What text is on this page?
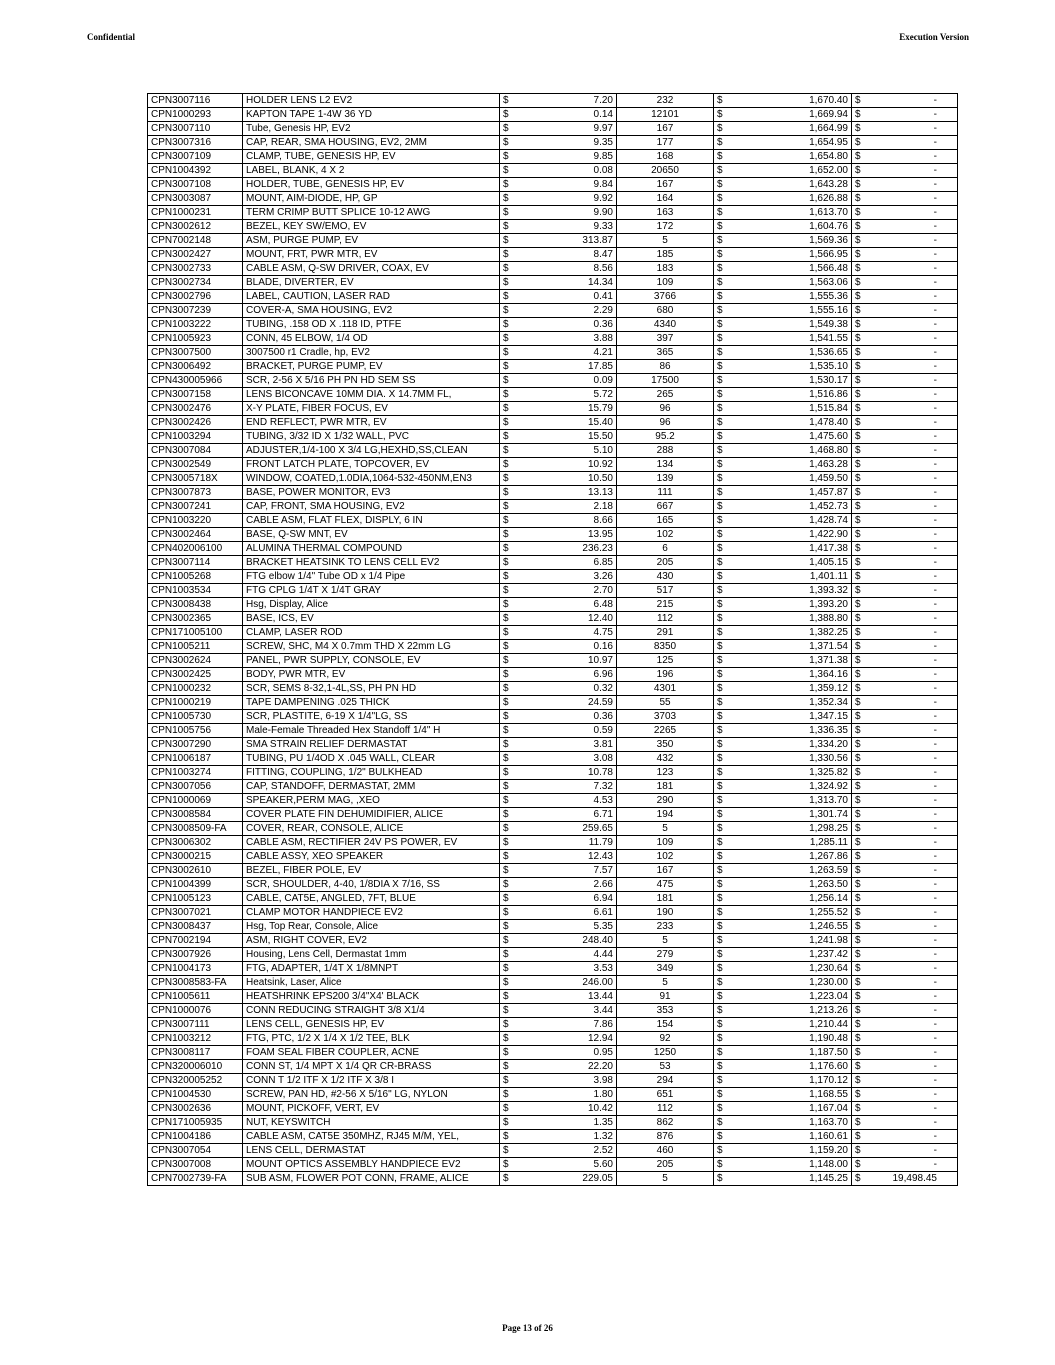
Confidential	Execution Version
CPN3007116	HOLDER LENS L2 EV2	$	7.20	232	$	1,670.40	$	-
CPN1000293	KAPTON TAPE 1-4W 36 YD	$	0.14	12101	$	1,669.94	$	-
CPN3007110	Tube, Genesis HP, EV2	$	9.97	167	$	1,664.99	$	-
CPN3007316	CAP, REAR, SMA HOUSING, EV2, 2MM	$	9.35	177	$	1,654.95	$	-
CPN3007109	CLAMP, TUBE, GENESIS HP, EV	$	9.85	168	$	1,654.80	$	-
CPN1004392	LABEL, BLANK, 4 X 2	$	0.08	20650	$	1,652.00	$	-
CPN3007108	HOLDER, TUBE, GENESIS HP, EV	$	9.84	167	$	1,643.28	$	-
CPN3003087	MOUNT, AIM-DIODE, HP, GP	$	9.92	164	$	1,626.88	$	-
CPN1000231	TERM CRIMP BUTT SPLICE 10-12 AWG	$	9.90	163	$	1,613.70	$	-
CPN3002612	BEZEL, KEY SW/EMO, EV	$	9.33	172	$	1,604.76	$	-
CPN7002148	ASM, PURGE PUMP, EV	$	313.87	5	$	1,569.36	$	-
CPN3002427	MOUNT, FRT, PWR MTR, EV	$	8.47	185	$	1,566.95	$	-
CPN3002733	CABLE ASM, Q-SW DRIVER, COAX, EV	$	8.56	183	$	1,566.48	$	-
CPN3002734	BLADE, DIVERTER, EV	$	14.34	109	$	1,563.06	$	-
CPN3002796	LABEL, CAUTION, LASER RAD	$	0.41	3766	$	1,555.36	$	-
CPN3007239	COVER-A, SMA HOUSING, EV2	$	2.29	680	$	1,555.16	$	-
CPN1003222	TUBING, .158 OD X .118 ID, PTFE	$	0.36	4340	$	1,549.38	$	-
CPN1005923	CONN, 45 ELBOW, 1/4 OD	$	3.88	397	$	1,541.55	$	-
CPN3007500	3007500 r1 Cradle, hp, EV2	$	4.21	365	$	1,536.65	$	-
CPN3006492	BRACKET, PURGE PUMP, EV	$	17.85	86	$	1,535.10	$	-
CPN430005966	SCR, 2-56 X 5/16 PH PN HD SEM SS	$	0.09	17500	$	1,530.17	$	-
CPN3007158	LENS BICONCAVE 10MM DIA. X 14.7MM FL,	$	5.72	265	$	1,516.86	$	-
CPN3002476	X-Y PLATE, FIBER FOCUS, EV	$	15.79	96	$	1,515.84	$	-
CPN3002426	END REFLECT, PWR MTR, EV	$	15.40	96	$	1,478.40	$	-
CPN1003294	TUBING, 3/32 ID X 1/32 WALL, PVC	$	15.50	95.2	$	1,475.60	$	-
CPN3007084	ADJUSTER,1/4-100 X 3/4 LG,HEXHD,SS,CLEAN	$	5.10	288	$	1,468.80	$	-
CPN3002549	FRONT LATCH PLATE, TOPCOVER, EV	$	10.92	134	$	1,463.28	$	-
CPN3005718X	WINDOW, COATED,1.0DIA,1064-532-450NM,EN3	$	10.50	139	$	1,459.50	$	-
CPN3007873	BASE, POWER MONITOR, EV3	$	13.13	111	$	1,457.87	$	-
CPN3007241	CAP, FRONT, SMA HOUSING, EV2	$	2.18	667	$	1,452.73	$	-
CPN1003220	CABLE ASM, FLAT FLEX, DISPLY, 6 IN	$	8.66	165	$	1,428.74	$	-
CPN3002464	BASE, Q-SW MNT, EV	$	13.95	102	$	1,422.90	$	-
CPN402006100	ALUMINA THERMAL COMPOUND	$	236.23	6	$	1,417.38	$	-
CPN3007114	BRACKET HEATSINK TO LENS CELL EV2	$	6.85	205	$	1,405.15	$	-
CPN1005268	FTG elbow 1/4" Tube OD x 1/4 Pipe	$	3.26	430	$	1,401.11	$	-
CPN1003534	FTG CPLG 1/4T X 1/4T GRAY	$	2.70	517	$	1,393.32	$	-
CPN3008438	Hsg, Display, Alice	$	6.48	215	$	1,393.20	$	-
CPN3002365	BASE, ICS, EV	$	12.40	112	$	1,388.80	$	-
CPN171005100	CLAMP, LASER ROD	$	4.75	291	$	1,382.25	$	-
CPN1005211	SCREW, SHC, M4 X 0.7mm THD X 22mm LG	$	0.16	8350	$	1,371.54	$	-
CPN3002624	PANEL, PWR SUPPLY, CONSOLE, EV	$	10.97	125	$	1,371.38	$	-
CPN3002425	BODY, PWR MTR, EV	$	6.96	196	$	1,364.16	$	-
CPN1000232	SCR, SEMS 8-32,1-4L,SS, PH PN HD	$	0.32	4301	$	1,359.12	$	-
CPN1000219	TAPE DAMPENING .025 THICK	$	24.59	55	$	1,352.34	$	-
CPN1005730	SCR, PLASTITE, 6-19 X 1/4"LG, SS	$	0.36	3703	$	1,347.15	$	-
CPN1005756	Male-Female Threaded Hex Standoff 1/4" H	$	0.59	2265	$	1,336.35	$	-
CPN3007290	SMA STRAIN RELIEF DERMASTAT	$	3.81	350	$	1,334.20	$	-
CPN1006187	TUBING, PU 1/4OD X .045 WALL, CLEAR	$	3.08	432	$	1,330.56	$	-
CPN1003274	FITTING, COUPLING, 1/2" BULKHEAD	$	10.78	123	$	1,325.82	$	-
CPN3007056	CAP, STANDOFF, DERMASTAT, 2MM	$	7.32	181	$	1,324.92	$	-
CPN1000069	SPEAKER,PERM MAG, ,XEO	$	4.53	290	$	1,313.70	$	-
CPN3008584	COVER PLATE FIN DEHUMIDIFIER, ALICE	$	6.71	194	$	1,301.74	$	-
CPN3008509-FA	COVER, REAR, CONSOLE, ALICE	$	259.65	5	$	1,298.25	$	-
CPN3006302	CABLE ASM, RECTIFIER 24V PS POWER, EV	$	11.79	109	$	1,285.11	$	-
CPN3000215	CABLE ASSY, XEO SPEAKER	$	12.43	102	$	1,267.86	$	-
CPN3002610	BEZEL, FIBER POLE, EV	$	7.57	167	$	1,263.59	$	-
CPN1004399	SCR, SHOULDER, 4-40, 1/8DIA X 7/16, SS	$	2.66	475	$	1,263.50	$	-
CPN1005123	CABLE, CAT5E, ANGLED, 7FT, BLUE	$	6.94	181	$	1,256.14	$	-
CPN3007021	CLAMP MOTOR HANDPIECE EV2	$	6.61	190	$	1,255.52	$	-
CPN3008437	Hsg, Top Rear, Console, Alice	$	5.35	233	$	1,246.55	$	-
CPN7002194	ASM, RIGHT COVER, EV2	$	248.40	5	$	1,241.98	$	-
CPN3007926	Housing, Lens Cell, Dermastat 1mm	$	4.44	279	$	1,237.42	$	-
CPN1004173	FTG, ADAPTER, 1/4T X 1/8MNPT	$	3.53	349	$	1,230.64	$	-
CPN3008583-FA	Heatsink, Laser, Alice	$	246.00	5	$	1,230.00	$	-
CPN1005611	HEATSHRINK EPS200 3/4"X4' BLACK	$	13.44	91	$	1,223.04	$	-
CPN1000076	CONN REDUCING STRAIGHT 3/8 X1/4	$	3.44	353	$	1,213.26	$	-
CPN3007111	LENS CELL, GENESIS HP, EV	$	7.86	154	$	1,210.44	$	-
CPN1003212	FTG, PTC, 1/2 X 1/4 X 1/2 TEE, BLK	$	12.94	92	$	1,190.48	$	-
CPN3008117	FOAM SEAL FIBER COUPLER, ACNE	$	0.95	1250	$	1,187.50	$	-
CPN320006010	CONN ST, 1/4 MPT X 1/4 QR CR-BRASS	$	22.20	53	$	1,176.60	$	-
CPN320005252	CONN T 1/2 ITF X 1/2 ITF X 3/8 I	$	3.98	294	$	1,170.12	$	-
CPN1004530	SCREW, PAN HD, #2-56 X 5/16" LG, NYLON	$	1.80	651	$	1,168.55	$	-
CPN3002636	MOUNT, PICKOFF, VERT, EV	$	10.42	112	$	1,167.04	$	-
CPN171005935	NUT, KEYSWITCH	$	1.35	862	$	1,163.70	$	-
CPN1004186	CABLE ASM, CAT5E 350MHZ, RJ45 M/M, YEL,	$	1.32	876	$	1,160.61	$	-
CPN3007054	LENS CELL, DERMASTAT	$	2.52	460	$	1,159.20	$	-
CPN3007008	MOUNT OPTICS ASSEMBLY HANDPIECE EV2	$	5.60	205	$	1,148.00	$	-
CPN7002739-FA	SUB ASM, FLOWER POT CONN, FRAME, ALICE	$	229.05	5	$	1,145.25	$	19,498.45
Page 13 of 26
